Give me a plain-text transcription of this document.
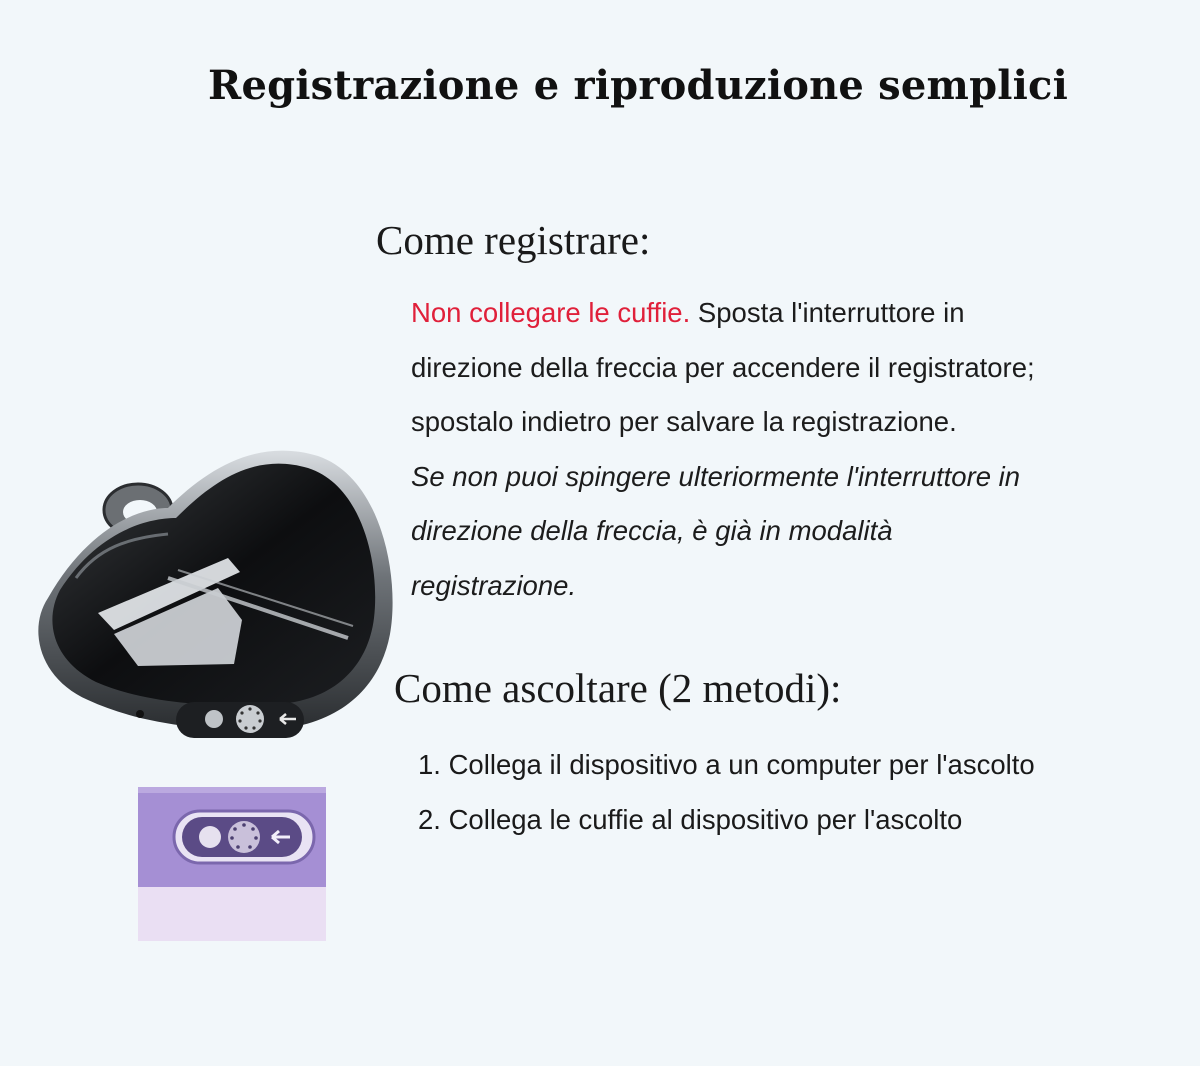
Registrazione e riproduzione semplici
Come registrare:
Non collegare le cuffie. Sposta l'interruttore in
direzione della freccia per accendere il registratore;
spostalo indietro per salvare la registrazione.
Se non puoi spingere ulteriormente l'interruttore in
direzione della freccia, è già in modalità
registrazione.
Come ascoltare (2 metodi):
1. Collega il dispositivo a un computer per l'ascolto
2. Collega le cuffie al dispositivo per l'ascolto
